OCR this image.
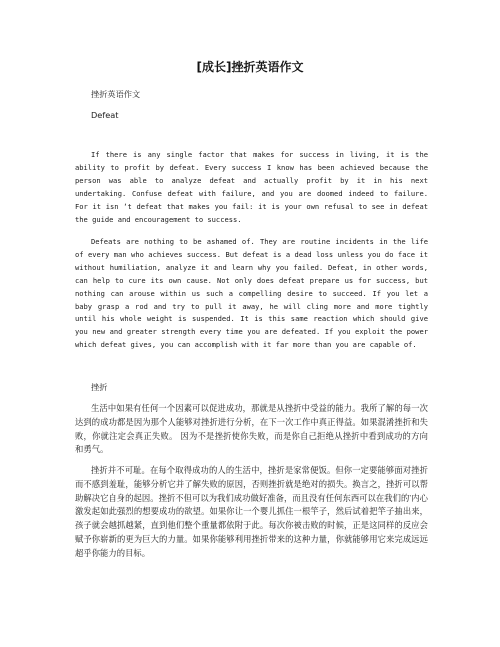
[成长]挫折英语作文
挫折英语作文
Defeat

If there is any single factor that makes for success in living, it is the ability to profit by defeat. Every success I know has been achieved because the person was able to analyze defeat and actually profit by it in his next undertaking. Confuse defeat with failure, and you are doomed indeed to failure. For it isn ‘t defeat that makes you fail: it is your own refusal to see in defeat the guide and encouragement to success.

Defeats are nothing to be ashamed of. They are routine incidents in the life of every man who achieves success. But defeat is a dead loss unless you do face it without humiliation, analyze it and learn why you failed. Defeat, in other words, can help to cure its own cause. Not only does defeat prepare us for success, but nothing can arouse within us such a compelling desire to succeed. If you let a baby grasp a rod and try to pull it away, he will cling more and more tightly until his whole weight is suspended. It is this same reaction which should give you new and greater strength every time you are defeated. If you exploit the power which defeat gives, you can accomplish with it far more than you are capable of.

挫折

生活中如果有任何一个因素可以促进成功，那就是从挫折中受益的能力。我所了解的每一次达到的成功都是因为那个人能够对挫折进行分析，在下一次工作中真正得益。如果混淆挫折和失败，你就注定会真正失败。 因为不是挫折使你失败，而是你自己拒绝从挫折中看到成功的方向和勇气。

挫折并不可耻。在每个取得成功的人的生活中，挫折是家常便饭。但你一定要能够面对挫折而不感到羞耻，能够分析它并了解失败的原因，否则挫折就是绝对的损失。换言之，挫折可以帮助解决它自身的起因。挫折不但可以为我们成功做好准备，而且没有任何东西可以在我们的‵内心激发起如此强烈的想要成功的欲望。如果你让一个婴儿抓住一根竿子，然后试着把竿子抽出来，孩子就会越抓越紧，直到他们整个重量都依附于此。每次你被击败的时候，正是这同样的反应会赋予你崭新的更为巨大的力量。如果你能够利用挫折带来的这种力量，你就能够用它来完成远远超乎你能力的目标。
